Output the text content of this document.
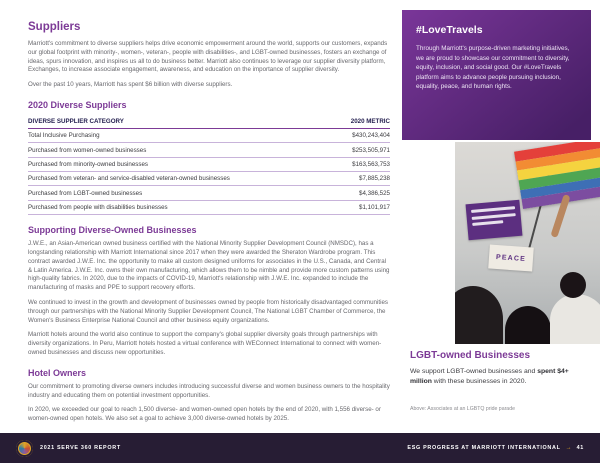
Suppliers

Marriott's commitment to diverse suppliers helps drive economic empowerment around the world, supports our customers, expands our global footprint with minority-, women-, veteran-, people with disabilities-, and LGBT-owned businesses, fosters an exchange of ideas, spurs innovation, and inspires us all to do business better. Marriott also continues to leverage our supplier diversity platform, Exchanges, to increase associate engagement, awareness, and education on the importance of supplier diversity.

Over the past 10 years, Marriott has spent $6 billion with diverse suppliers.

2020 Diverse Suppliers
DIVERSE SUPPLIER CATEGORY	2020 METRIC
Total Inclusive Purchasing	$430,243,404
Purchased from women-owned businesses	$253,505,971
Purchased from minority-owned businesses	$163,563,753
Purchased from veteran- and service-disabled veteran-owned businesses	$7,885,238
Purchased from LGBT-owned businesses	$4,386,525
Purchased from people with disabilities businesses	$1,101,917
Supporting Diverse-Owned Businesses

J.W.E., an Asian-American owned business certified with the National Minority Supplier Development Council (NMSDC), has a longstanding relationship with Marriott International since 2017 when they were awarded the Sheraton Wardrobe program. This contract awarded J.W.E. Inc. the opportunity to make all custom designed uniforms for associates in the U.S., Canada, and Central & Latin America. J.W.E. Inc. owns their own manufacturing, which allows them to be nimble and provide more custom patterns using high-quality fabrics. In 2020, due to the impacts of COVID-19, Marriott's relationship with J.W.E. Inc. expanded to include the manufacturing of masks and PPE to support recovery efforts.

We continued to invest in the growth and development of businesses owned by people from historically disadvantaged communities through our partnerships with the National Minority Supplier Development Council, The National LGBT Chamber of Commerce, the Women's Business Enterprise National Council and other business equity organizations.

Marriott hotels around the world also continue to support the company's global supplier diversity goals through partnerships with diversity organizations. In Peru, Marriott hotels hosted a virtual conference with WEConnect International to connect with women-owned businesses and discuss new opportunities.

Hotel Owners

Our commitment to promoting diverse owners includes introducing successful diverse and women business owners to the hospitality industry and educating them on potential investment opportunities.

In 2020, we exceeded our goal to reach 1,500 diverse- and women-owned open hotels by the end of 2020, with 1,556 diverse- or women-owned open hotels. We also set a goal to achieve 3,000 diverse-owned hotels by 2025.

#LoveTravels

Through Marriott's purpose-driven marketing initiatives, we are proud to showcase our commitment to diversity, equity, inclusion, and social good. Our #LoveTravels platform aims to advance people pursuing inclusion, equality, peace, and human rights.

PEACE
LGBT-owned Businesses

We support LGBT-owned businesses and spent $4+ million with these businesses in 2020.

Above: Associates at an LGBTQ pride parade
2021 SERVE 360 REPORT	ESG PROGRESS AT MARRIOTT INTERNATIONAL → 41
